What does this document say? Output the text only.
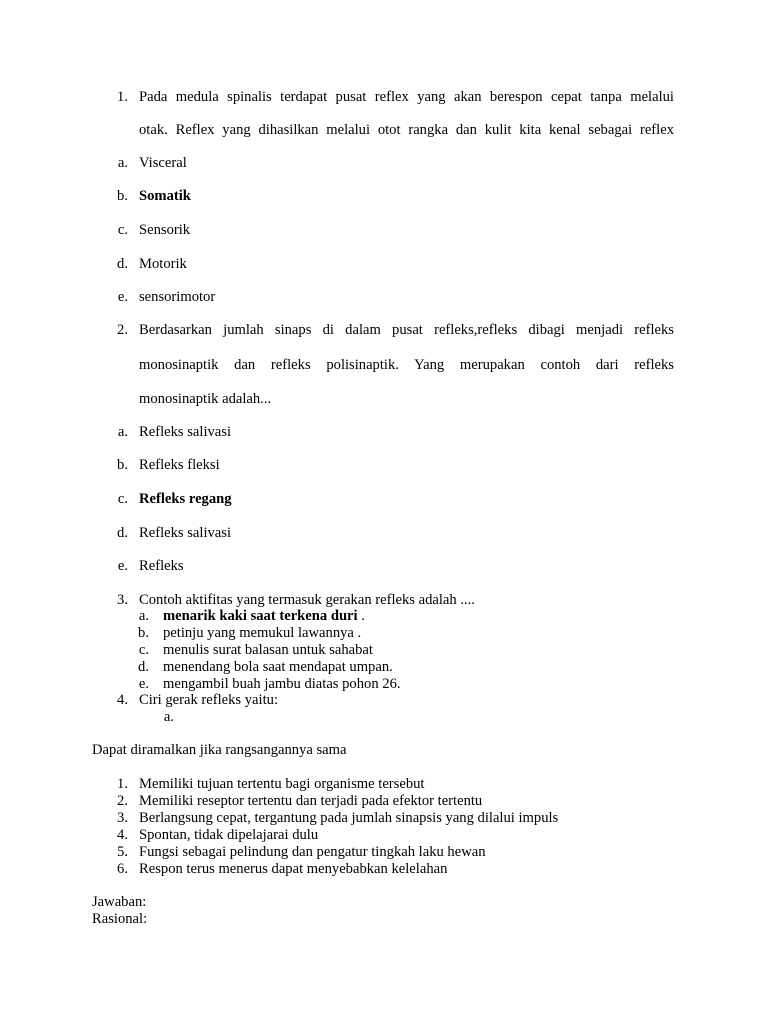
1. Pada medula spinalis terdapat pusat reflex yang akan berespon cepat tanpa melalui
otak. Reflex yang dihasilkan melalui otot rangka dan kulit kita kenal sebagai reflex
a. Visceral
b. Somatik
c. Sensorik
d. Motorik
e. sensorimotor
2. Berdasarkan jumlah sinaps di dalam pusat refleks,refleks dibagi menjadi refleks
monosinaptik dan refleks polisinaptik. Yang merupakan contoh dari refleks
monosinaptik adalah...
a. Refleks salivasi
b. Refleks fleksi
c. Refleks regang
d. Refleks salivasi
e. Refleks
3. Contoh aktifitas yang termasuk gerakan refleks adalah ....
a. menarik kaki saat terkena duri .
b. petinju yang memukul lawannya .
c. menulis surat balasan untuk sahabat
d. menendang bola saat mendapat umpan.
e. mengambil buah jambu diatas pohon 26.
4. Ciri gerak refleks yaitu:
a.
Dapat diramalkan jika rangsangannya sama
1. Memiliki tujuan tertentu bagi organisme tersebut
2. Memiliki reseptor tertentu dan terjadi pada efektor tertentu
3. Berlangsung cepat, tergantung pada jumlah sinapsis yang dilalui impuls
4. Spontan, tidak dipelajarai dulu
5. Fungsi sebagai pelindung dan pengatur tingkah laku hewan
6. Respon terus menerus dapat menyebabkan kelelahan
Jawaban:
Rasional:
